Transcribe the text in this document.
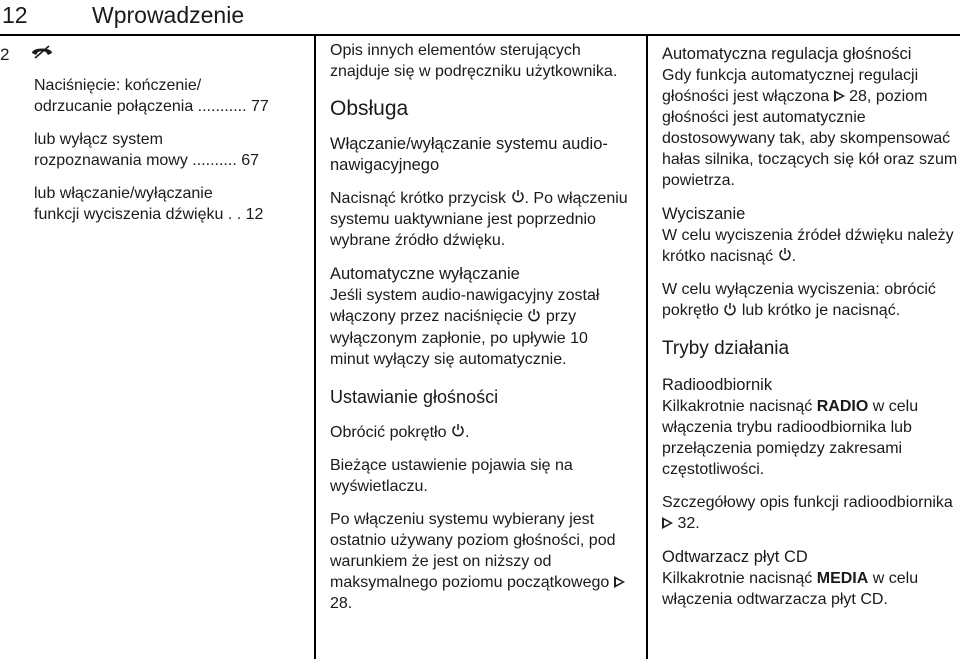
12	Wprowadzenie
2

Naciśnięcie: kończenie/
odrzucanie połączenia ........... 77

lub wyłącz system
rozpoznawania mowy .......... 67

lub włączanie/wyłączanie
funkcji wyciszenia dźwięku . . 12

Opis innych elementów sterujących znajduje się w podręczniku użytkownika.

Obsługa

Włączanie/wyłączanie systemu audio-nawigacyjnego

Nacisnąć krótko przycisk . Po włączeniu systemu uaktywniane jest poprzednio wybrane źródło dźwięku.

Automatyczne wyłączanie

Jeśli system audio-nawigacyjny został włączony przez naciśnięcie przy wyłączonym zapłonie, po upływie 10 minut wyłączy się automatycznie.

Ustawianie głośności

Obrócić pokrętło .

Bieżące ustawienie pojawia się na wyświetlaczu.

Po włączeniu systemu wybierany jest ostatnio używany poziom głośności, pod warunkiem że jest on niższy od maksymalnego poziomu początkowego  28.

Automatyczna regulacja głośności

Gdy funkcja automatycznej regulacji głośności jest włączona 28, poziom głośności jest automatycznie dostosowywany tak, aby skompensować hałas silnika, toczących się kół oraz szum powietrza.

Wyciszanie

W celu wyciszenia źródeł dźwięku należy krótko nacisnąć .

W celu wyłączenia wyciszenia: obrócić pokrętło lub krótko je nacisnąć.

Tryby działania

Radioodbiornik

Kilkakrotnie nacisnąć RADIO w celu włączenia trybu radioodbiornika lub przełączenia pomiędzy zakresami częstotliwości.

Szczegółowy opis funkcji radioodbiornika  32.

Odtwarzacz płyt CD

Kilkakrotnie nacisnąć MEDIA w celu włączenia odtwarzacza płyt CD.
